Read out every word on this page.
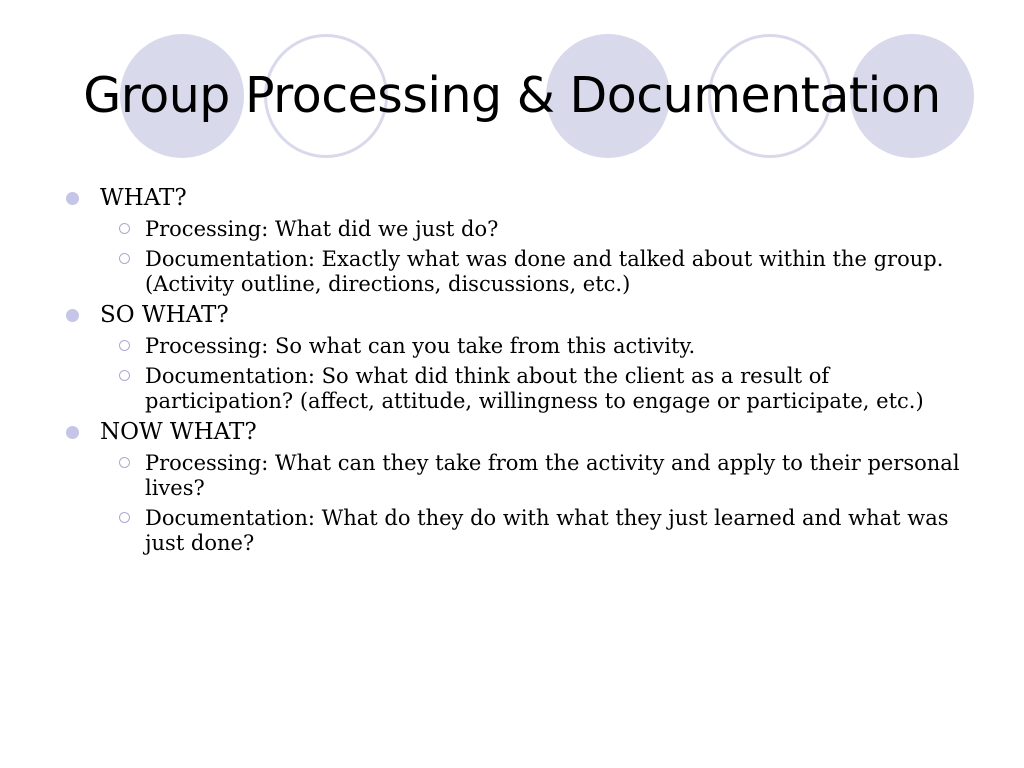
Group Processing & Documentation
WHAT?
Processing: What did we just do?
Documentation: Exactly what was done and talked about within the group. (Activity outline, directions, discussions, etc.)
SO WHAT?
Processing: So what can you take from this activity.
Documentation: So what did think about the client as a result of participation? (affect, attitude, willingness to engage or participate, etc.)
NOW WHAT?
Processing: What can they take from the activity and apply to their personal lives?
Documentation: What do they do with what they just learned and what was just done?
